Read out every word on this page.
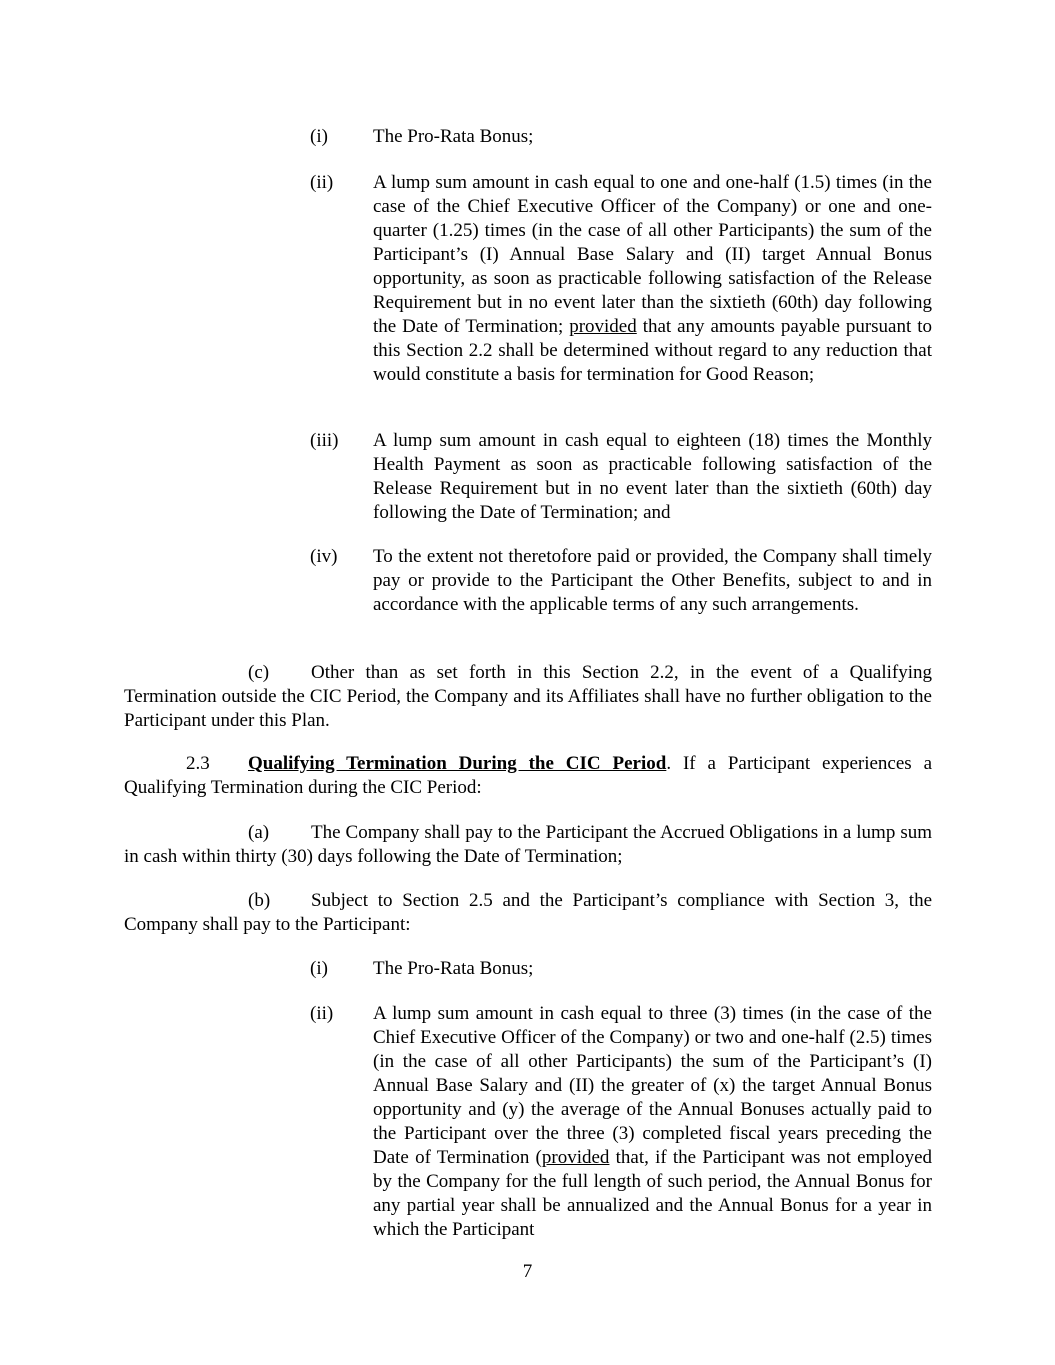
(i) The Pro-Rata Bonus;
(ii) A lump sum amount in cash equal to one and one-half (1.5) times (in the case of the Chief Executive Officer of the Company) or one and one-quarter (1.25) times (in the case of all other Participants) the sum of the Participant’s (I) Annual Base Salary and (II) target Annual Bonus opportunity, as soon as practicable following satisfaction of the Release Requirement but in no event later than the sixtieth (60th) day following the Date of Termination; provided that any amounts payable pursuant to this Section 2.2 shall be determined without regard to any reduction that would constitute a basis for termination for Good Reason;
(iii) A lump sum amount in cash equal to eighteen (18) times the Monthly Health Payment as soon as practicable following satisfaction of the Release Requirement but in no event later than the sixtieth (60th) day following the Date of Termination; and
(iv) To the extent not theretofore paid or provided, the Company shall timely pay or provide to the Participant the Other Benefits, subject to and in accordance with the applicable terms of any such arrangements.
(c) Other than as set forth in this Section 2.2, in the event of a Qualifying Termination outside the CIC Period, the Company and its Affiliates shall have no further obligation to the Participant under this Plan.
2.3 Qualifying Termination During the CIC Period. If a Participant experiences a Qualifying Termination during the CIC Period:
(a) The Company shall pay to the Participant the Accrued Obligations in a lump sum in cash within thirty (30) days following the Date of Termination;
(b) Subject to Section 2.5 and the Participant’s compliance with Section 3, the Company shall pay to the Participant:
(i) The Pro-Rata Bonus;
(ii) A lump sum amount in cash equal to three (3) times (in the case of the Chief Executive Officer of the Company) or two and one-half (2.5) times (in the case of all other Participants) the sum of the Participant’s (I) Annual Base Salary and (II) the greater of (x) the target Annual Bonus opportunity and (y) the average of the Annual Bonuses actually paid to the Participant over the three (3) completed fiscal years preceding the Date of Termination (provided that, if the Participant was not employed by the Company for the full length of such period, the Annual Bonus for any partial year shall be annualized and the Annual Bonus for a year in which the Participant
7
